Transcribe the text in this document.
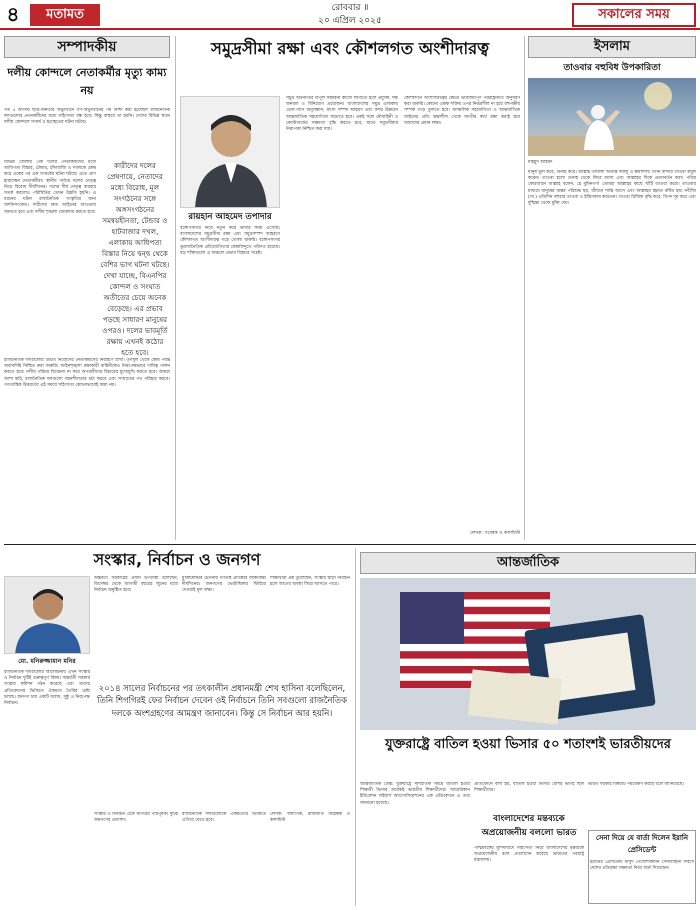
৪	মতামত	রোববার ॥
২০ এপ্রিল ২০২৫	সকালের সময়
সম্পাদকীয়
দলীয় কোন্দলে নেতাকর্মীর মৃত্যু কাম্য নয়
গত ৫ আগস্ট ছাত্র-জনতার অভ্যুত্থানে গণ-অভ্যুত্থানের পর আশা করা হয়েছিল রাজনৈতিক দলগুলোর নেতাকর্মীদের মধ্যে সহিংসতা বন্ধ হবে। কিন্তু বাস্তবে তা হয়নি। দেশের বিভিন্ন স্থানে দলীয় কোন্দলে সংঘর্ষ ও হতাহতের ঘটনা ঘটছে।
বিভিন্ন জেলায় এক দলের নেতাকর্মীদের মধ্যে আধিপত্য বিস্তার, টেন্ডার, চাঁদাবাজি ও দখলকে কেন্দ্র করে একের পর এক সংঘর্ষের ঘটনা ঘটছে। এতে প্রাণ হারাচ্ছেন নেতাকর্মীরা। স্থানীয় পর্যায়ে দলের নেতৃত্ব নিয়ে বিরোধ দীর্ঘদিনের। দলের শীর্ষ নেতৃত্ব বারবার সতর্ক করলেও পরিস্থিতির তেমন উন্নতি হয়নি। এ ধরনের ঘটনা রাজনৈতিক সংস্কৃতির জন্য অশনিসংকেত। দায়ীদের দ্রুত আইনের আওতায় আনতে হবে এবং দলীয় শৃঙ্খলা জোরদার করতে হবে।
কারীদের দলের প্রেষণায়ে, নেতাদের মধ্যে বিরোধ, মূল সংগঠনের সঙ্গে অঙ্গসংগঠনের সমন্বয়হীনতা, টেন্ডার ও হাটবাজার দখল, এলাকায় আধিপত্য বিস্তার নিয়ে দ্বন্দ্ব থেকে বেশির ভাগ ঘটনা ঘটছে। দেখা যাচ্ছে, বিএনপির কোন্দল ও সংঘাত অতীতের চেয়ে অনেক বেড়েছে। এর প্রভাব পড়ছে সাধারণ মানুষের ওপরও। দলের ভাবমূর্তি রক্ষায় এখনই কঠোর হতে হবে।
রাজনৈতিক দলগুলোর উচিত নিজেদের নেতাকর্মীদের নিয়ন্ত্রণে রাখা। তৃণমূল থেকে কেন্দ্র পর্যন্ত জবাবদিহি নিশ্চিত করা জরুরি। আইনশৃঙ্খলা রক্ষাকারী বাহিনীকেও নিরপেক্ষভাবে দায়িত্ব পালন করতে হবে। দলীয় পরিচয় বিবেচনা না করে অপরাধীদের বিচারের মুখোমুখি করতে হবে। আমরা আশা করি, রাজনৈতিক দলগুলো সহনশীলতার চর্চা করবে এবং সংঘাতের পথ পরিহার করবে। গণতান্ত্রিক উত্তরণের এই সময়ে সহিংসতা কোনোভাবেই কাম্য নয়।
সমুদ্রসীমা রক্ষা এবং কৌশলগত অংশীদারত্ব
রায়হান আহমেদ তপাদার
বঙ্গোপসাগর নিয়ে নতুন করে ভাবার সময় এসেছে। বাংলাদেশের সমুদ্রসীমা রক্ষা এবং সমুদ্রসম্পদ আহরণে কৌশলগত অংশীদারত্ব গড়ে তোলা জরুরি। বঙ্গোপসাগর ভূরাজনৈতিক প্রতিযোগিতার কেন্দ্রবিন্দুতে পরিণত হয়েছে। বড় শক্তিগুলো এ অঞ্চলে প্রভাব বিস্তারে সচেষ্ট।
সমুদ্র অর্থনীতির বিপুল সম্ভাবনা কাজে লাগাতে হলে প্রযুক্তি, দক্ষ জনবল ও বিনিয়োগ প্রয়োজন। বাংলাদেশের সমুদ্র এলাকায় তেল-গ্যাস অনুসন্ধান, মৎস্য সম্পদ আহরণ এবং বন্দর উন্নয়নে আন্তর্জাতিক সহযোগিতা বাড়াতে হবে। একই সঙ্গে নৌবাহিনী ও কোস্টগার্ডের সক্ষমতা বৃদ্ধি করতে হবে, যাতে সমুদ্রসীমার নিরাপত্তা নিশ্চিত করা যায়।
কৌশলগত অংশীদারত্বের ক্ষেত্রে ভারসাম্যপূর্ণ পররাষ্ট্রনীতি অনুসরণ করা জরুরি। কোনো একক শক্তির ওপর নির্ভরশীল না হয়ে বহুপক্ষীয় সম্পর্ক গড়ে তুলতে হবে। আঞ্চলিক সহযোগিতা ও আন্তর্জাতিক আইনের প্রতি শ্রদ্ধাশীল থেকে জাতীয় স্বার্থ রক্ষা করাই হবে আমাদের প্রধান লক্ষ্য।
লেখক: গবেষক ও কলামিস্ট
ইসলাম
তাওবার বহুবিধ উপকারিতা
মাহমুদ আহমদ
মানুষ ভুল করে, গুনাহ করে। আল্লাহ তায়ালা অত্যন্ত দয়ালু ও ক্ষমাশীল। তিনি বান্দার তাওবা কবুল করেন। তাওবা হলো গুনাহ থেকে ফিরে আসা এবং আল্লাহর দিকে প্রত্যাবর্তন করা। পবিত্র কোরআনে আল্লাহ বলেন, হে মুমিনগণ! তোমরা আল্লাহর কাছে খাঁটি তাওবা করো। তাওবার মাধ্যমে মানুষের অন্তর পরিশুদ্ধ হয়, জীবনে শান্তি আসে এবং আল্লাহর রহমত বর্ষিত হয়। নবীজি (সা.) প্রতিদিন বহুবার তাওবা ও ইস্তিগফার করতেন। তাওবা রিজিক বৃদ্ধি করে, বিপদ দূর করে এবং দুশ্চিন্তা থেকে মুক্তি দেয়।
সংস্কার, নির্বাচন ও জনগণ
মো. মনিরুজ্জামান মনির
রাজনৈতিক দলগুলোর আলোচনায় এখন সংস্কার ও নির্বাচন দুটিই গুরুত্বপূর্ণ বিষয়। অন্তর্বর্তী সরকার সংস্কার কমিশন গঠন করেছে এবং তাদের প্রতিবেদনের ভিত্তিতে ঐকমত্য তৈরির চেষ্টা চলছে। জনগণ চায় একটি অবাধ, সুষ্ঠু ও নিরপেক্ষ নির্বাচন।
অন্তর্বর্তী সরকারের প্রধান উপদেষ্টা বলেছেন, ডিসেম্বর থেকে আগামী বছরের জুনের মধ্যে নির্বাচন অনুষ্ঠিত হবে।
মুক্তিযোদ্ধার চেতনায় গণতন্ত্র প্রতিষ্ঠার আকাঙ্ক্ষা দীর্ঘদিনের। জনগণের ভোটাধিকার ফিরিয়ে দেওয়াই মূল লক্ষ্য।
শিক্ষার্থীরা প্রশ্ন তুলেছেন, সংস্কার ছাড়া নির্বাচন হলে আগের অবস্থা ফিরে আসতে পারে।
২০১৪ সালের নির্বাচনের পর তৎকালীন প্রধানমন্ত্রী শেখ হাসিনা বলেছিলেন, তিনি শিগগিরই ফের নির্বাচন দেবেন ওই নির্বাচনে তিনি সবগুলো রাজনৈতিক দলকে অংশগ্রহণের আমন্ত্রণ জানাবেন। কিন্তু সে নির্বাচন আর হয়নি।
সংস্কার ও নির্বাচন একে অপরের পরিপূরক। দুটিই জনগণের প্রত্যাশা।
রাজনৈতিক দলগুলোকে ঐকমত্যের ভিত্তিতে এগিয়ে যেতে হবে।
লেখক: অধ্যাপক, রাজনীতি বিশ্লেষক ও কলামিস্ট
আন্তর্জাতিক
যুক্তরাষ্ট্রে বাতিল হওয়া ভিসার ৫০ শতাংশই ভারতীয়দের
আন্তর্জাতিক ডেস্ক: যুক্তরাষ্ট্রে সাম্প্রতিক সময়ে বাতিল হওয়া শিক্ষার্থী ভিসার অর্ধেকই ভারতীয় শিক্ষার্থীদের। আমেরিকান ইমিগ্রেশন লইয়ার্স অ্যাসোসিয়েশনের এক প্রতিবেদনে এ তথ্য জানানো হয়েছে।
প্রতিবেদনে বলা হয়, বাতিল হওয়া ভিসার বেশির ভাগই ছিল শিক্ষার্থীদের।
ভারত সরকার বিষয়টি পর্যবেক্ষণ করছে বলে জানিয়েছে।
বাংলাদেশের মন্তব্যকে অপ্রয়োজনীয় বললো ভারত
পশ্চিমবঙ্গের মুর্শিদাবাদে সহিংসতা নিয়ে বাংলাদেশের মন্তব্যকে অপ্রয়োজনীয় বলে প্রত্যাখ্যান করেছে ভারতের পররাষ্ট্র মন্ত্রণালয়।
সেনা দিয়ে যে বার্তা দিলেন ইরানি প্রেসিডেন্ট
ইরানের প্রেসিডেন্ট মাসুদ পেজেশকিয়ান সেনাবাহিনী দিবসে দেশের প্রতিরক্ষা সক্ষমতা নিয়ে বার্তা দিয়েছেন।
